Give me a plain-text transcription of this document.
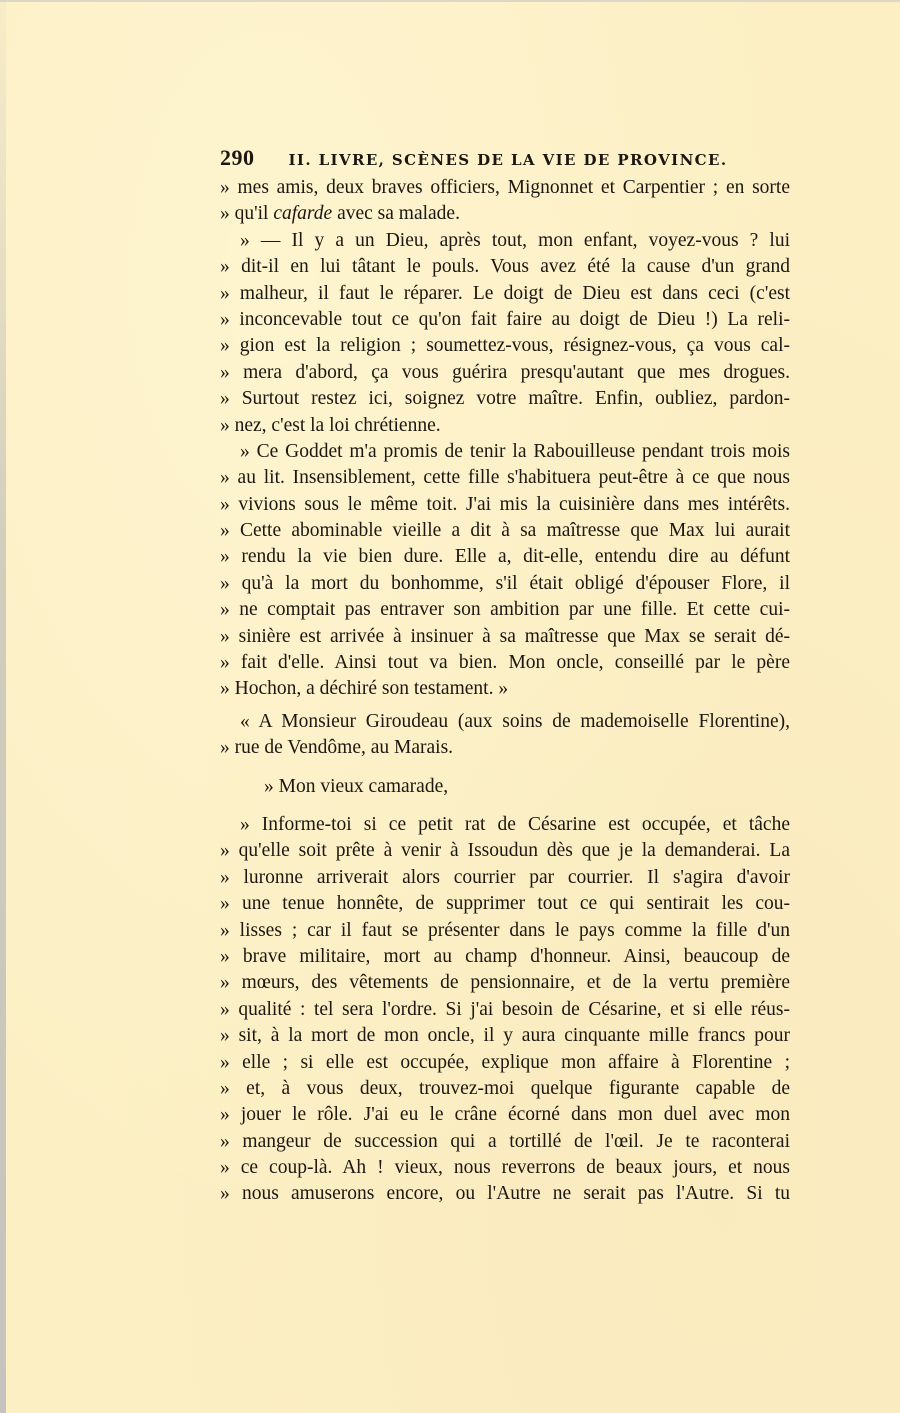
290 II. LIVRE, SCÈNES DE LA VIE DE PROVINCE.
» mes amis, deux braves officiers, Mignonnet et Carpentier ; en sorte
» qu'il cafarde avec sa malade.
» — Il y a un Dieu, après tout, mon enfant, voyez-vous ? lui
» dit-il en lui tâtant le pouls. Vous avez été la cause d'un grand
» malheur, il faut le réparer. Le doigt de Dieu est dans ceci (c'est
» inconcevable tout ce qu'on fait faire au doigt de Dieu !) La reli-
» gion est la religion ; soumettez-vous, résignez-vous, ça vous cal-
» mera d'abord, ça vous guérira presqu'autant que mes drogues.
» Surtout restez ici, soignez votre maître. Enfin, oubliez, pardon-
» nez, c'est la loi chrétienne.
» Ce Goddet m'a promis de tenir la Rabouilleuse pendant trois mois
» au lit. Insensiblement, cette fille s'habituera peut-être à ce que nous
» vivions sous le même toit. J'ai mis la cuisinière dans mes intérêts.
» Cette abominable vieille a dit à sa maîtresse que Max lui aurait
» rendu la vie bien dure. Elle a, dit-elle, entendu dire au défunt
» qu'à la mort du bonhomme, s'il était obligé d'épouser Flore, il
» ne comptait pas entraver son ambition par une fille. Et cette cui-
» sinière est arrivée à insinuer à sa maîtresse que Max se serait dé-
» fait d'elle. Ainsi tout va bien. Mon oncle, conseillé par le père
» Hochon, a déchiré son testament. »
« A Monsieur Giroudeau (aux soins de mademoiselle Florentine),
» rue de Vendôme, au Marais.
» Mon vieux camarade,
» Informe-toi si ce petit rat de Césarine est occupée, et tâche
» qu'elle soit prête à venir à Issoudun dès que je la demanderai. La
» luronne arriverait alors courrier par courrier. Il s'agira d'avoir
» une tenue honnête, de supprimer tout ce qui sentirait les cou-
» lisses ; car il faut se présenter dans le pays comme la fille d'un
» brave militaire, mort au champ d'honneur. Ainsi, beaucoup de
» mœurs, des vêtements de pensionnaire, et de la vertu première
» qualité : tel sera l'ordre. Si j'ai besoin de Césarine, et si elle réus-
» sit, à la mort de mon oncle, il y aura cinquante mille francs pour
» elle ; si elle est occupée, explique mon affaire à Florentine ;
» et, à vous deux, trouvez-moi quelque figurante capable de
» jouer le rôle. J'ai eu le crâne écorné dans mon duel avec mon
» mangeur de succession qui a tortillé de l'œil. Je te raconterai
» ce coup-là. Ah ! vieux, nous reverrons de beaux jours, et nous
» nous amuserons encore, ou l'Autre ne serait pas l'Autre. Si tu
